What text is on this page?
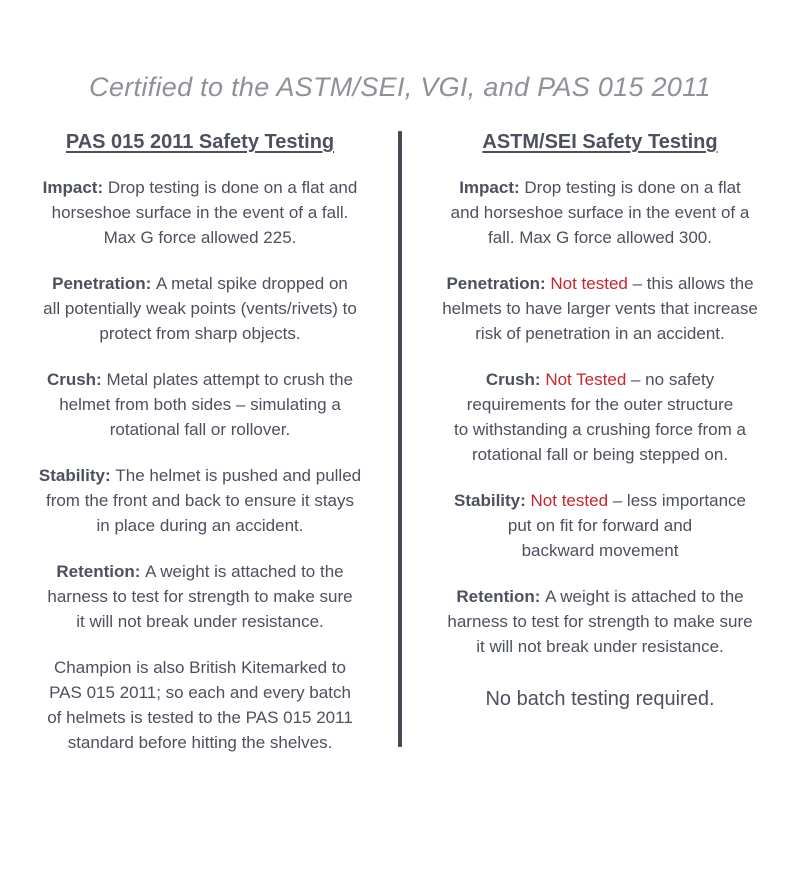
Certified to the ASTM/SEI, VGI, and PAS 015 2011
PAS 015 2011 Safety Testing

Impact: Drop testing is done on a flat and
horseshoe surface in the event of a fall.
Max G force allowed 225.

Penetration: A metal spike dropped on
all potentially weak points (vents/rivets) to
protect from sharp objects.

Crush: Metal plates attempt to crush the
helmet from both sides – simulating a
rotational fall or rollover.

Stability: The helmet is pushed and pulled
from the front and back to ensure it stays
in place during an accident.

Retention: A weight is attached to the
harness to test for strength to make sure
it will not break under resistance.

Champion is also British Kitemarked to
PAS 015 2011; so each and every batch
of helmets is tested to the PAS 015 2011
standard before hitting the shelves.

ASTM/SEI Safety Testing

Impact: Drop testing is done on a flat
and horseshoe surface in the event of a
fall. Max G force allowed 300.

Penetration: Not tested – this allows the
helmets to have larger vents that increase
risk of penetration in an accident.

Crush: Not Tested – no safety
requirements for the outer structure
to withstanding a crushing force from a
rotational fall or being stepped on.

Stability: Not tested – less importance
put on fit for forward and
backward movement

Retention: A weight is attached to the
harness to test for strength to make sure
it will not break under resistance.

No batch testing required.
